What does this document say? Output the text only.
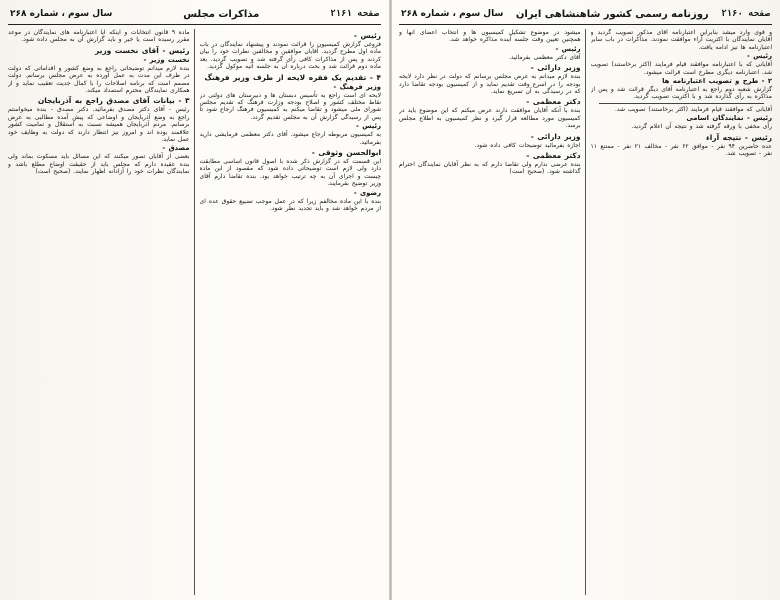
صفحه ۲۱۶۱
مذاکرات مجلس
سال سوم ، شماره ۲۶۸
رئیس -

فروغی گزارش کمیسیون را قرائت نمودند و پیشنهاد نمایندگان در باب ماده اول مطرح گردید. آقایان موافقین و مخالفین نظرات خود را بیان کردند و پس از مذاکرات کافی رأی گرفته شد و تصویب گردید. بعد ماده دوم قرائت شد و بحث درباره آن به جلسه آتیه موکول گردید.

۴ - تقدیم یک فقره لایحه از طرف وزیر فرهنگ
وزیر فرهنگ -

لایحه ای است راجع به تأسیس دبستان ها و دبیرستان های دولتی در نقاط مختلف کشور و اصلاح بودجه وزارت فرهنگ که تقدیم مجلس شورای ملی میشود و تقاضا میکنم به کمیسیون فرهنگ ارجاع شود تا پس از رسیدگی گزارش آن به مجلس تقدیم گردد.

رئیس -

به کمیسیون مربوطه ارجاع میشود. آقای دکتر معظمی فرمایشی دارید بفرمائید.

ابوالحسن وثوقی -

این قسمت که در گزارش ذکر شده با اصول قانون اساسی مطابقت دارد ولی لازم است توضیحاتی داده شود که مقصود از این ماده چیست و اجرای آن به چه ترتیب خواهد بود. بنده تقاضا دارم آقای وزیر توضیح بفرمایند.

رضوی -

بنده با این ماده مخالفم زیرا که در عمل موجب تضییع حقوق عده ای از مردم خواهد شد و باید تجدید نظر شود.

ماده ۹ قانون انتخابات و اینکه آیا اعتبارنامه های نمایندگان در موعد مقرر رسیده است یا خیر و باید گزارش آن به مجلس داده شود.

رئیس - آقای نخست وزیر
نخست وزیر -

بنده لازم میدانم توضیحاتی راجع به وضع کشور و اقداماتی که دولت در ظرف این مدت به عمل آورده به عرض مجلس برسانم. دولت مصمم است که برنامه اصلاحات را با کمال جدیت تعقیب نماید و از همکاری نمایندگان محترم استمداد میکند.

۳ - بیانات آقای مصدق راجع به آذربایجان

رئیس - آقای دکتر مصدق بفرمائید. دکتر مصدق - بنده میخواستم راجع به وضع آذربایجان و اوضاعی که پیش آمده مطالبی به عرض برسانم. مردم آذربایجان همیشه نسبت به استقلال و تمامیت کشور علاقمند بوده اند و امروز نیز انتظار دارند که دولت به وظایف خود عمل نماید.

مصدق -

بعضی از آقایان تصور میکنند که این مسائل باید مسکوت بماند ولی بنده عقیده دارم که مجلس باید از حقیقت اوضاع مطلع باشد و نمایندگان نظرات خود را آزادانه اظهار نمایند. (صحیح است)

صفحه ۲۱۶۰
روزنامه رسمی کشور شاهنشاهی ایران
سال سوم ، شماره ۲۶۸

و قوی وارد میشد بنابراین اعتبارنامه آقای مذکور تصویب گردید و آقایان نمایندگان با اکثریت آراء موافقت نمودند. مذاکرات در باب سایر اعتبارنامه ها نیز ادامه یافت.

رئیس -

آقایانی که با اعتبارنامه موافقند قیام فرمایند (اکثر برخاستند) تصویب شد. اعتبارنامه دیگری مطرح است قرائت میشود.

۲ - طرح و تصویب اعتبارنامه ها

گزارش شعبه دوم راجع به اعتبارنامه آقای دیگر قرائت شد و پس از مذاکره به رأی گذارده شد و با اکثریت تصویب گردید.

آقایانی که موافقند قیام فرمایند (اکثر برخاستند) تصویب شد.

رئیس - نمایندگان اسامی

رأی مخفی با ورقه گرفته شد و نتیجه آن اعلام گردید.

رئیس - نتیجه آراء

عده حاضرین ۹۴ نفر - موافق ۶۲ نفر - مخالف ۲۱ نفر - ممتنع ۱۱ نفر - تصویب شد.

میشود در موضوع تشکیل کمیسیون ها و انتخاب اعضای آنها و همچنین تعیین وقت جلسه آینده مذاکره خواهد شد.

رئیس -

آقای دکتر معظمی بفرمائید.

وزیر دارائی -

بنده لازم میدانم به عرض مجلس برسانم که دولت در نظر دارد لایحه بودجه را در اسرع وقت تقدیم نماید و از کمیسیون بودجه تقاضا دارد که در رسیدگی به آن تسریع نماید.

دکتر معظمی -

بنده با آنکه آقایان موافقت دارند عرض میکنم که این موضوع باید در کمیسیون مورد مطالعه قرار گیرد و نظر کمیسیون به اطلاع مجلس برسد.

وزیر دارائی -

اجازه بفرمائید توضیحات کافی داده شود.

دکتر معظمی -

بنده عرضی ندارم ولی تقاضا دارم که به نظر آقایان نمایندگان احترام گذاشته شود. (صحیح است)
